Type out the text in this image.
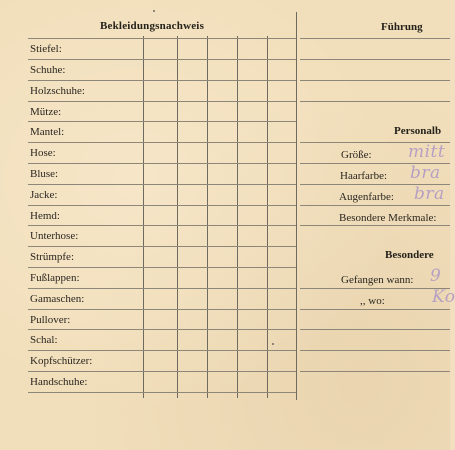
Bekleidungsnachweis
Stiefel:
Schuhe:
Holzschuhe:
Mütze:
Mantel:
Hose:
Bluse:
Jacke:
Hemd:
Unterhose:
Strümpfe:
Fußlappen:
Gamaschen:
Pullover:
Schal:
Kopfschützer:
Handschuhe:
Führung
Personalb
Besondere
Größe: mitt
Haarfarbe: bra
Augenfarbe: bra
Besondere Merkmale:
Gefangen wann: 9
,, wo:	Ko
